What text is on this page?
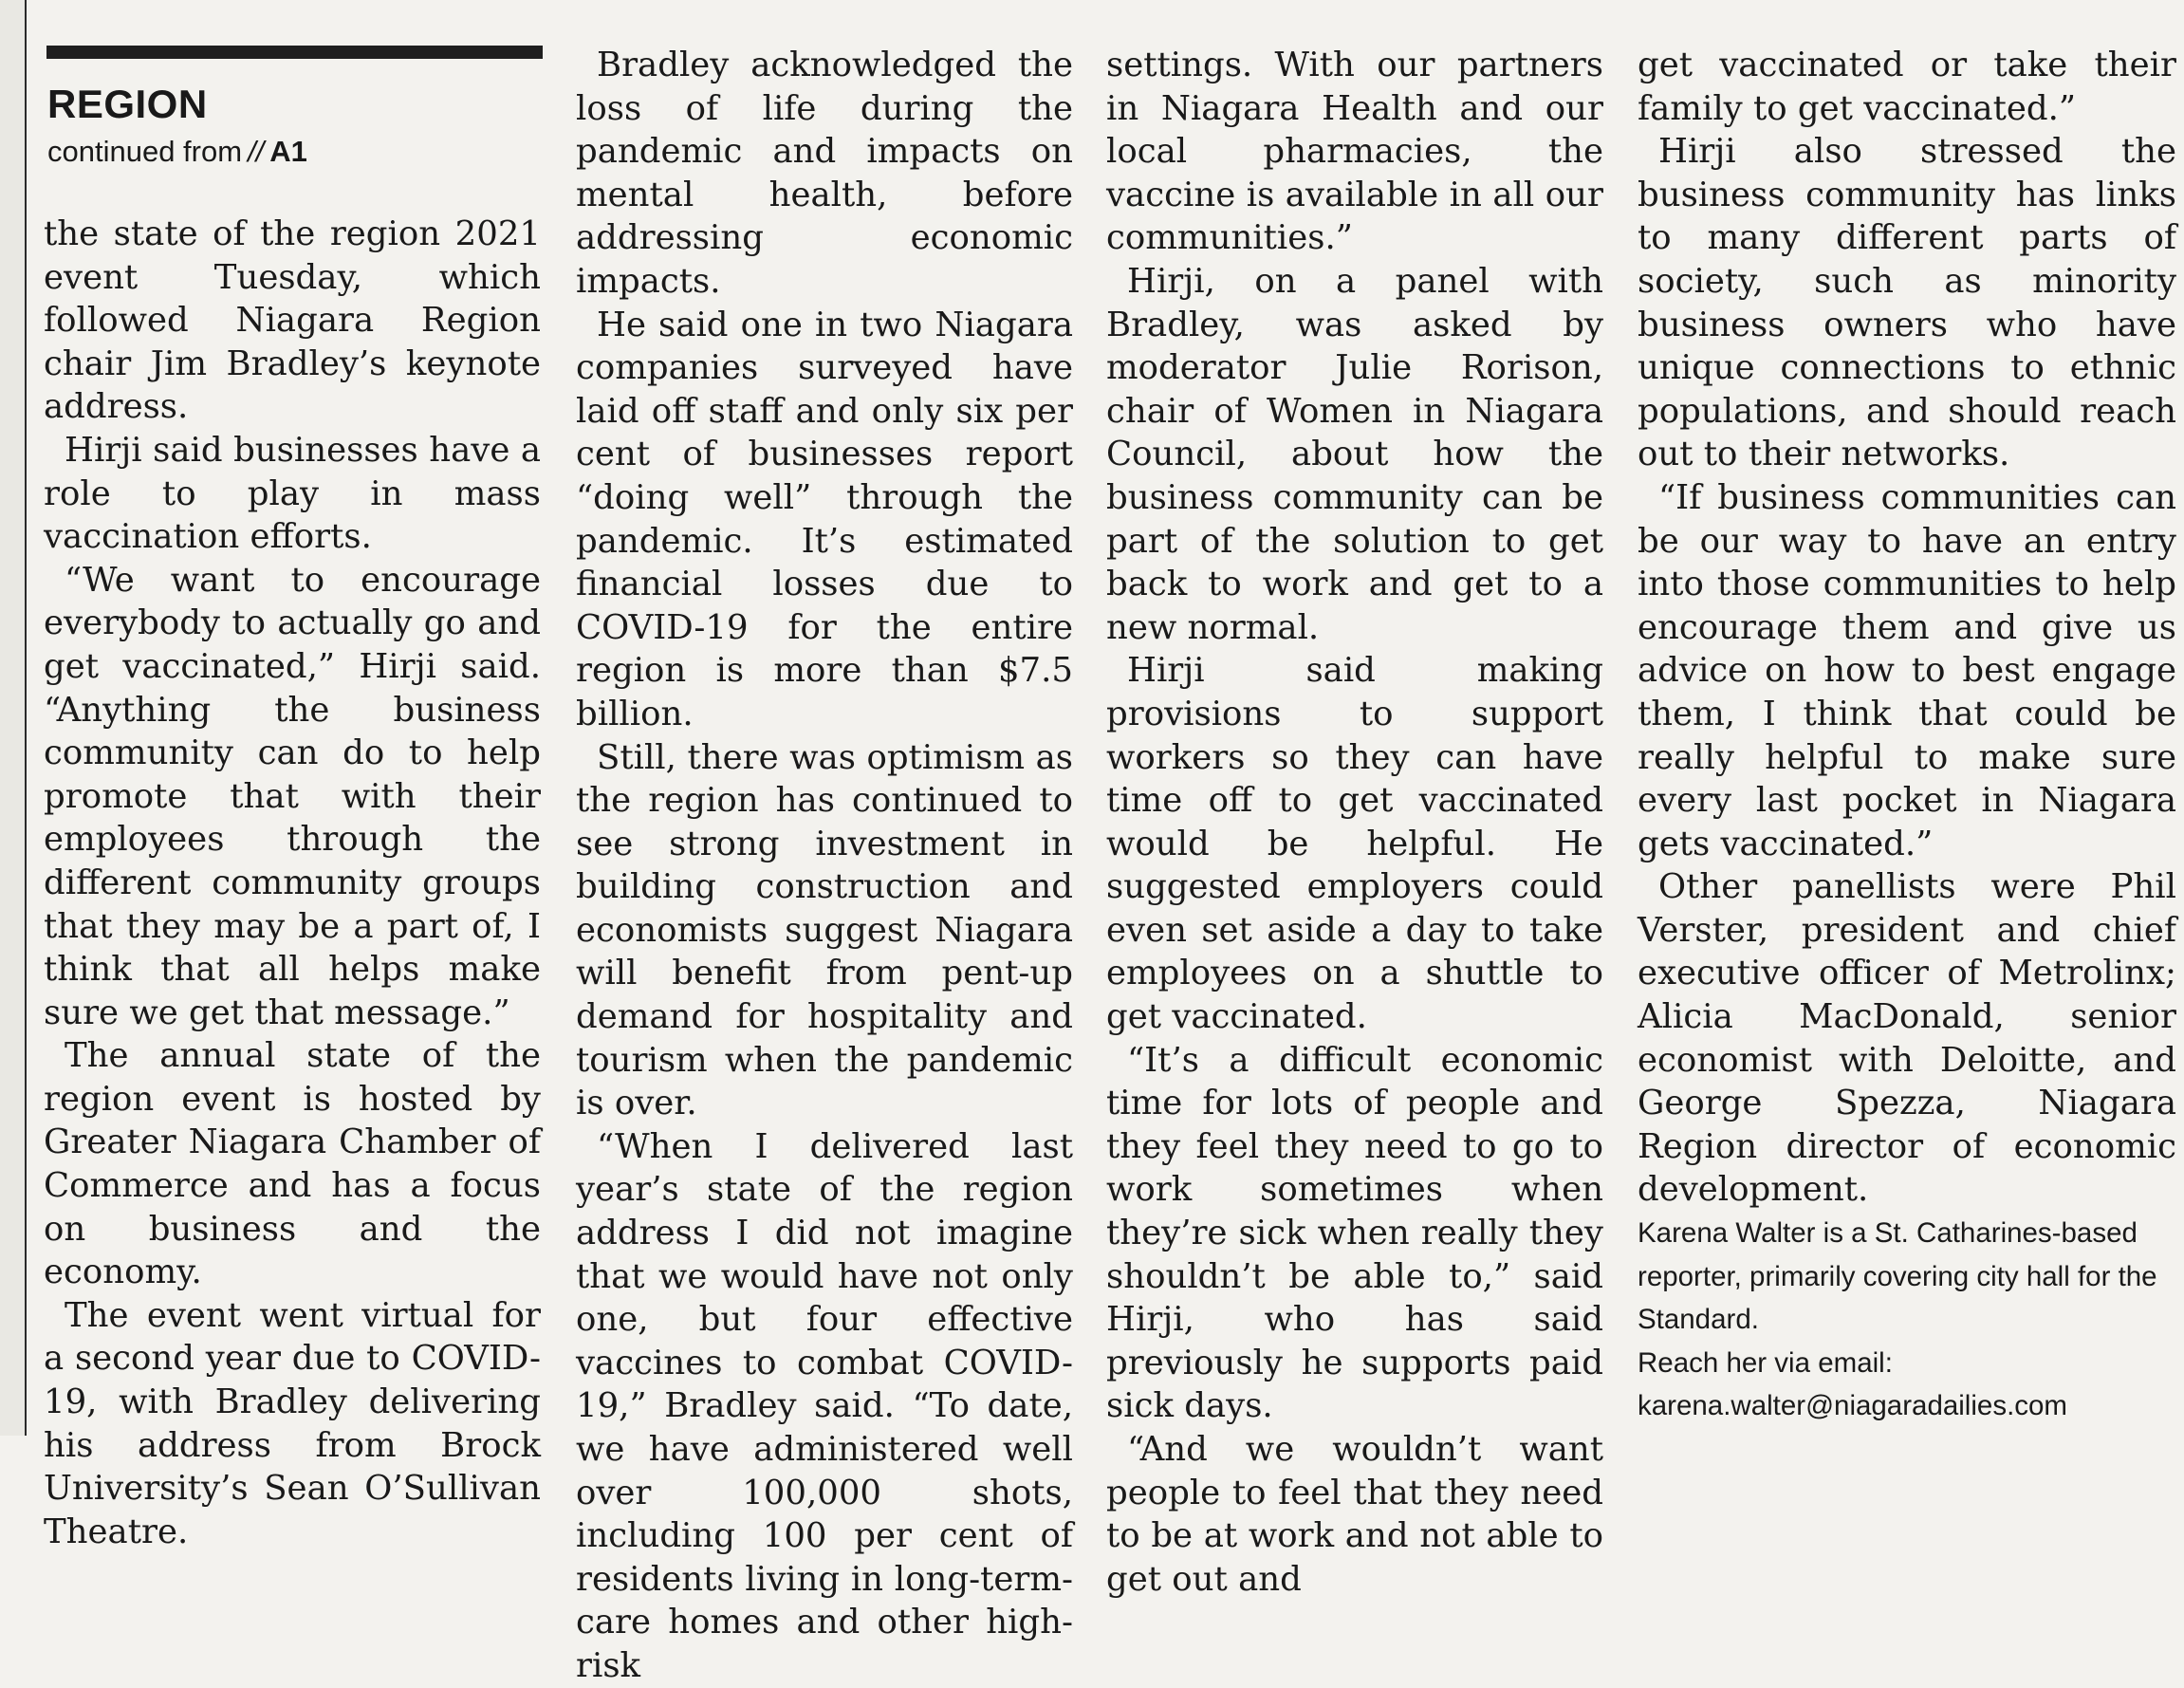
REGION
continued from // A1

the state of the region 2021 event Tuesday, which followed Niagara Region chair Jim Bradley’s keynote address.

Hirji said businesses have a role to play in mass vaccination efforts.

“We want to encourage everybody to actually go and get vaccinated,” Hirji said. “Anything the business community can do to help promote that with their employees through the different community groups that they may be a part of, I think that all helps make sure we get that message.”

The annual state of the region event is hosted by Greater Niagara Chamber of Commerce and has a focus on business and the economy.

The event went virtual for a second year due to COVID-19, with Bradley delivering his address from Brock University’s Sean O’Sullivan Theatre.

Bradley acknowledged the loss of life during the pandemic and impacts on mental health, before addressing economic impacts.

He said one in two Niagara companies surveyed have laid off staff and only six per cent of businesses report “doing well” through the pandemic. It’s estimated financial losses due to COVID-19 for the entire region is more than $7.5 billion.

Still, there was optimism as the region has continued to see strong investment in building construction and economists suggest Niagara will benefit from pent-up demand for hospitality and tourism when the pandemic is over.

“When I delivered last year’s state of the region address I did not imagine that we would have not only one, but four effective vaccines to combat COVID-19,” Bradley said. “To date, we have administered well over 100,000 shots, including 100 per cent of residents living in long-term-care homes and other high-risk

settings. With our partners in Niagara Health and our local pharmacies, the vaccine is available in all our communities.”

Hirji, on a panel with Bradley, was asked by moderator Julie Rorison, chair of Women in Niagara Council, about how the business community can be part of the solution to get back to work and get to a new normal.

Hirji said making provisions to support workers so they can have time off to get vaccinated would be helpful. He suggested employers could even set aside a day to take employees on a shuttle to get vaccinated.

“It’s a difficult economic time for lots of people and they feel they need to go to work sometimes when they’re sick when really they shouldn’t be able to,” said Hirji, who has said previously he supports paid sick days.

“And we wouldn’t want people to feel that they need to be at work and not able to get out and

get vaccinated or take their family to get vaccinated.”

Hirji also stressed the business community has links to many different parts of society, such as minority business owners who have unique connections to ethnic populations, and should reach out to their networks.

“If business communities can be our way to have an entry into those communities to help encourage them and give us advice on how to best engage them, I think that could be really helpful to make sure every last pocket in Niagara gets vaccinated.”

Other panellists were Phil Verster, president and chief executive officer of Metrolinx; Alicia MacDonald, senior economist with Deloitte, and George Spezza, Niagara Region director of economic development.

Karena Walter is a St. Catharines-based reporter, primarily covering city hall for the Standard.

Reach her via email:

karena.walter@niagaradailies.com
